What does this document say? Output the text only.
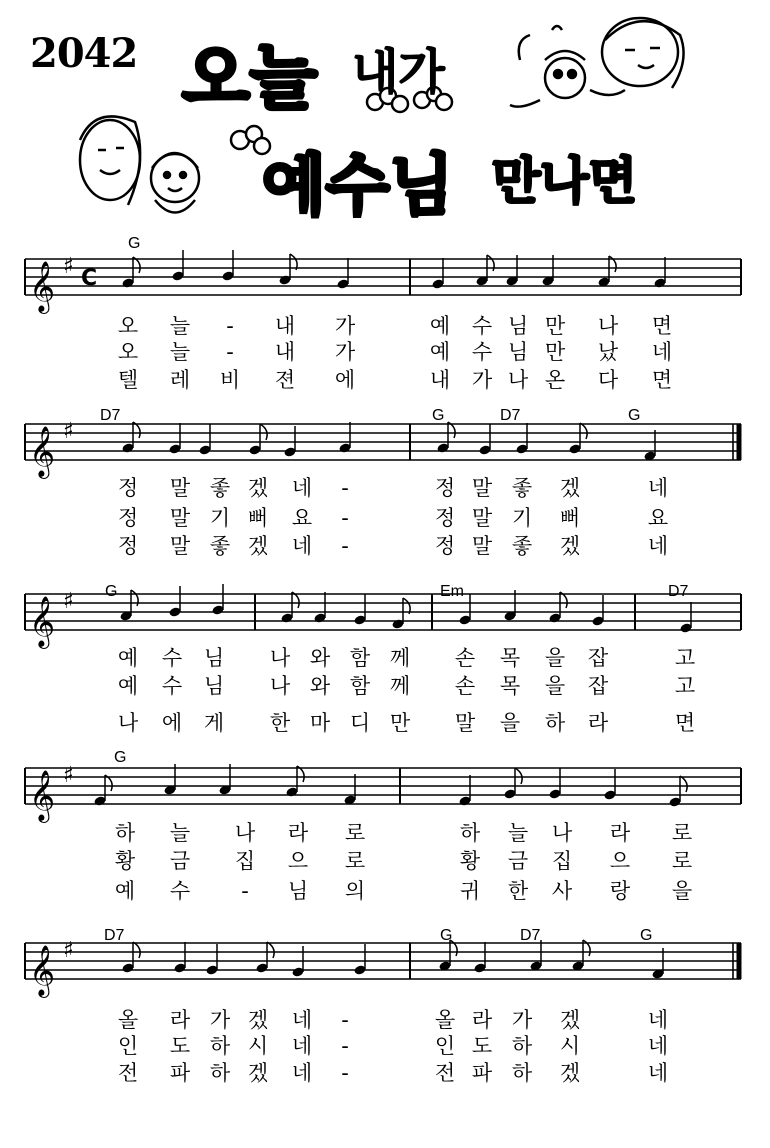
2042 오늘 내가
예수님 만나면
𝄞 ♯ C
G
오 늘 - 내 가	예 수 님 만 나 면
오 늘 - 내 가	예 수 님 만 났 네
텔 레 비 젼 에	내 가 나 온 다 면
𝄞 ♯
D7	G	D7	G
정 말 좋 겠 네 -	정 말 좋 겠	네
정 말 기 뻐 요 -	정 말 기 뻐	요
정 말 좋 겠 네 -	정 말 좋 겠	네
𝄞 ♯ G	Em	D7
예 수 님 나 와 함 께 손 목 을 잡	고
예 수 님 나 와 함 께 손 목 을 잡	고
나 에 게 한 마 디 만 말 을 하 라	면
𝄞 ♯
G
하 늘 나 라 로	하 늘 나 라 로
황 금 집 으 로	황 금 집 으 로
예 수 - 님 의	귀 한 사 랑 을
𝄞 ♯
D7	G	D7	G
올 라 가 겠 네 -	올 라 가 겠	네
인 도 하 시 네 -	인 도 하 시	네
전 파 하 겠 네 -	전 파 하 겠	네
